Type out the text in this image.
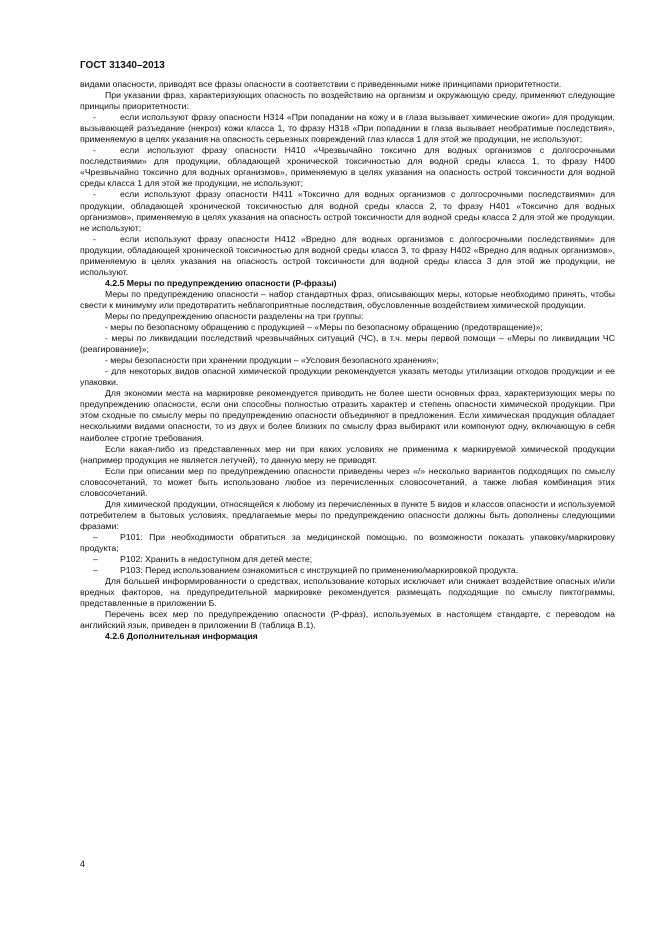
ГОСТ 31340–2013

видами опасности, приводят все фразы опасности в соответствии с приведенными ниже принципами приоритетности.

При указании фраз, характеризующих опасность по воздействию на организм и окружающую среду, применяют следующие принципы приоритетности:

-	если используют фразу опасности Н314 «При попадании на кожу и в глаза вызывает химические ожоги» для продукции, вызывающей разъедание (некроз) кожи класса 1, то фразу Н318 «При попадании в глаза вызывает необратимые последствия», применяемую в целях указания на опасность серьезных повреждений глаз класса 1 для этой же продукции, не используют;

-	если используют фразу опасности Н410 «Чрезвычайно токсично для водных организмов с долгосрочными последствиями» для продукции, обладающей хронической токсичностью для водной среды класса 1, то фразу Н400 «Чрезвычайно токсично для водных организмов», применяемую в целях указания на опасность острой токсичности для водной среды класса 1 для этой же продукции, не используют;

-	если используют фразу опасности Н411 «Токсично для водных организмов с долгосрочными последствиями» для продукции, обладающей хронической токсичностью для водной среды класса 2, то фразу Н401 «Токсично для водных организмов», применяемую в целях указания на опасность острой токсичности для водной среды класса 2 для этой же продукции, не используют;

-	если используют фразу опасности Н412 «Вредно для водных организмов с долгосрочными последствиями» для продукции, обладающей хронической токсичностью для водной среды класса 3, то фразу Н402 «Вредно для водных организмов», применяемую в целях указания на опасность острой токсичности для водной среды класса 3 для этой же продукции, не используют.

4.2.5 Меры по предупреждению опасности (Р-фразы)

Меры по предупреждению опасности – набор стандартных фраз, описывающих меры, которые необходимо принять, чтобы свести к минимуму или предотвратить неблагоприятные последствия, обусловленные воздействием химической продукции.

Меры по предупреждению опасности разделены на три группы:

- меры по безопасному обращению с продукцией – «Меры по безопасному обращению (предотвращение)»;

- меры по ликвидации последствий чрезвычайных ситуаций (ЧС), в т.ч. меры первой помощи – «Меры по ликвидации ЧС (реагирование)»;

- меры безопасности при хранении продукции – «Условия безопасного хранения»;

- для некоторых видов опасной химической продукции рекомендуется указать методы утилизации отходов продукции и ее упаковки.

Для экономии места на маркировке рекомендуется приводить не более шести основных фраз, характеризующих меры по предупреждению опасности, если они способны полностью отразить характер и степень опасности химической продукции. При этом сходные по смыслу меры по предупреждению опасности объединяют в предложения. Если химическая продукция обладает несколькими видами опасности, то из двух и более близких по смыслу фраз выбирают или компонуют одну, включающую в себя наиболее строгие требования.

Если какая-либо из представленных мер ни при каких условиях не применима к маркируемой химической продукции (например продукция не является летучей), то данную меру не приводят.

Если при описании мер по предупреждению опасности приведены через «/» несколько вариантов подходящих по смыслу словосочетаний, то может быть использовано любое из перечисленных словосочетаний, а также любая комбинация этих словосочетаний.

Для химической продукции, относящейся к любому из перечисленных в пункте 5 видов и классов опасности и используемой потребителем в бытовых условиях, предлагаемые меры по предупреждению опасности должны быть дополнены следующими фразами:

–	Р101: При необходимости обратиться за медицинской помощью, по возможности показать упаковку/маркировку продукта;

–	Р102: Хранить в недоступном для детей месте;

–	Р103: Перед использованием ознакомиться с инструкцией по применению/маркировкой продукта.

Для большей информированности о средствах, использование которых исключает или снижает воздействие опасных и/или вредных факторов, на предупредительной маркировке рекомендуется размещать подходящие по смыслу пиктограммы, представленные в приложении Б.

Перечень всех мер по предупреждению опасности (Р-фраз), используемых в настоящем стандарте, с переводом на английский язык, приведен в приложении В (таблица В.1).

4.2.6 Дополнительная информация

4
